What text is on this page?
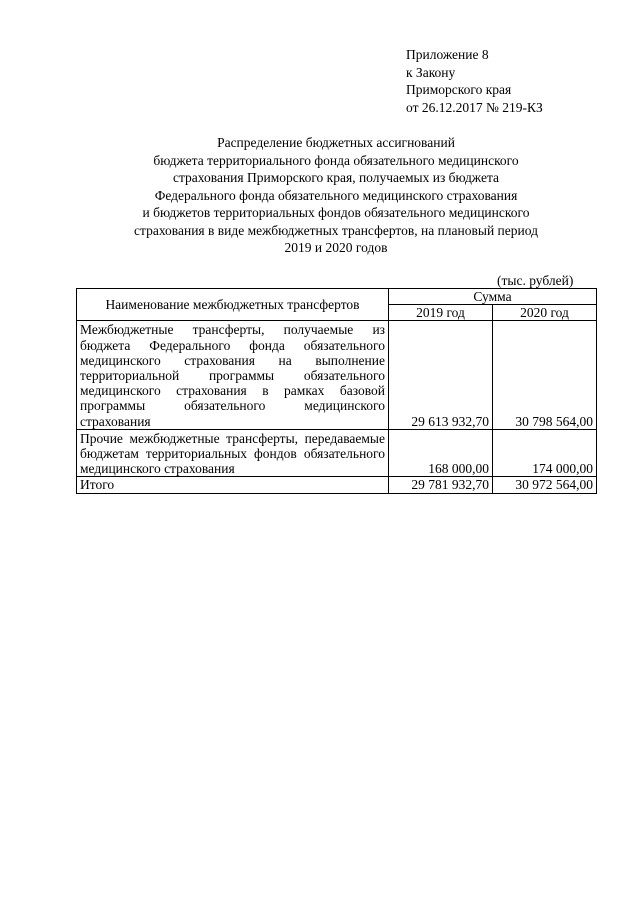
Приложение 8
к Закону
Приморского края
от 26.12.2017 № 219-КЗ
Распределение бюджетных ассигнований
бюджета территориального фонда обязательного медицинского
страхования Приморского края, получаемых из бюджета
Федерального фонда обязательного медицинского страхования
и бюджетов территориальных фондов обязательного медицинского
страхования в виде межбюджетных трансфертов, на плановый период
2019 и 2020 годов
(тыс. рублей)
Наименование межбюджетных трансфертов	Сумма	
	2019 год	2020 год
Межбюджетные трансферты, получаемые из бюджета Федерального фонда обязательного медицинского страхования на выполнение территориальной программы обязательного медицинского страхования в рамках базовой программы обязательного медицинского страхования	29 613 932,70	30 798 564,00
Прочие межбюджетные трансферты, передаваемые бюджетам территориальных фондов обязательного медицинского страхования	168 000,00	174 000,00
Итого	29 781 932,70	30 972 564,00
